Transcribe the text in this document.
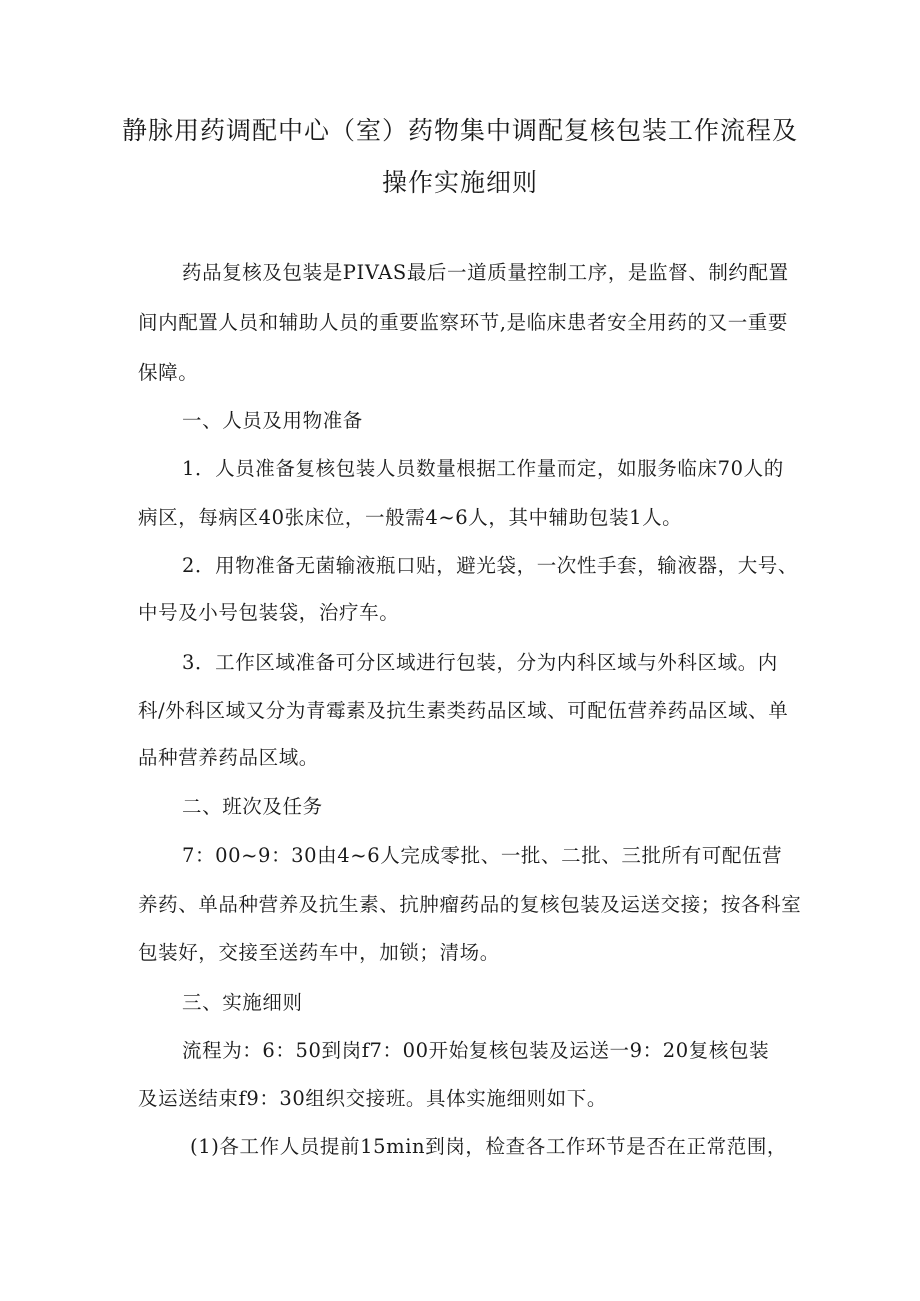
静脉用药调配中心（室）药物集中调配复核包装工作流程及
操作实施细则
药品复核及包装是PIVAS最后一道质量控制工序，是监督、制约配置
间内配置人员和辅助人员的重要监察环节,是临床患者安全用药的又一重要
保障。
一、人员及用物准备
1．人员准备复核包装人员数量根据工作量而定，如服务临床70人的
病区，每病区40张床位，一般需4~6人，其中辅助包装1人。
2．用物准备无菌输液瓶口贴，避光袋，一次性手套，输液器，大号、
中号及小号包装袋，治疗车。
3．工作区域准备可分区域进行包装，分为内科区域与外科区域。内
科/外科区域又分为青霉素及抗生素类药品区域、可配伍营养药品区域、单
品种营养药品区域。
二、班次及任务
7：00~9：30由4~6人完成零批、一批、二批、三批所有可配伍营
养药、单品种营养及抗生素、抗肿瘤药品的复核包装及运送交接；按各科室
包装好，交接至送药车中，加锁；清场。
三、实施细则
流程为：6：50到岗f7：00开始复核包装及运送一9：20复核包装
及运送结束f9：30组织交接班。具体实施细则如下。
(1)各工作人员提前15min到岗，检查各工作环节是否在正常范围，
